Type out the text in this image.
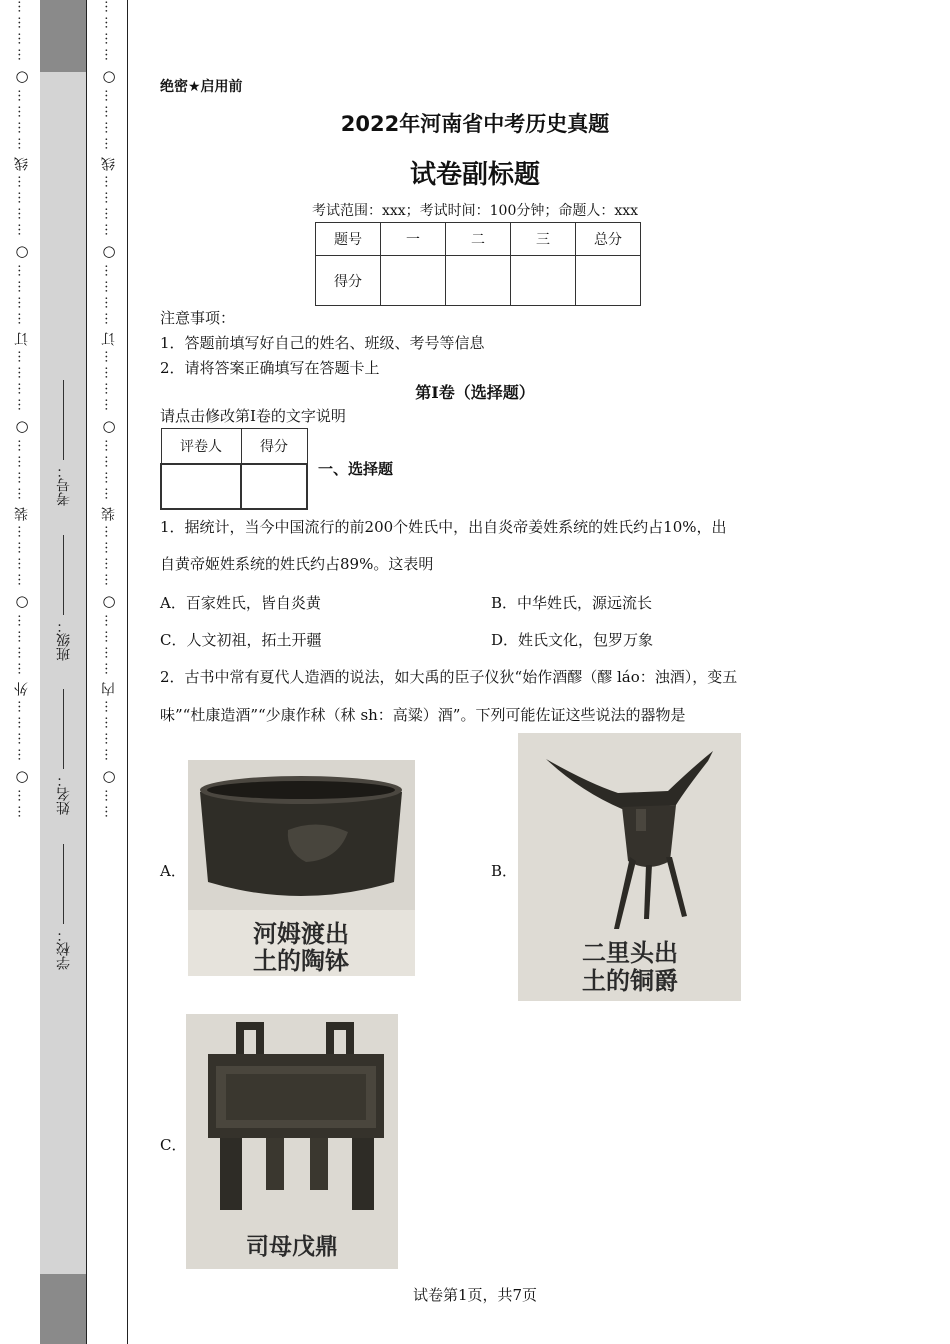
…………
○
…………
线
…………
○
…………
订
…………
○
…………
装
…………
○
…………
外
…………
○
……
学校：
姓名：
班级：
考号：
…………
○
…………
线
…………
○
…………
订
…………
○
…………
装
…………
○
…………
内
…………
○
……
绝密★启用前
2022年河南省中考历史真题
试卷副标题
考试范围：xxx；考试时间：100分钟；命题人：xxx
题号	一	二	三	总分
得分				
注意事项：
1．答题前填写好自己的姓名、班级、考号等信息
2．请将答案正确填写在答题卡上
第I卷（选择题）
请点击修改第I卷的文字说明
评卷人	得分

一、选择题
1．据统计，当今中国流行的前200个姓氏中，出自炎帝姜姓系统的姓氏约占10%，出
自黄帝姬姓系统的姓氏约占89%。这表明
A．百家姓氏，皆自炎黄	B．中华姓氏，源远流长
C．人文初祖，拓土开疆	D．姓氏文化，包罗万象
2．古书中常有夏代人造酒的说法，如大禹的臣子仪狄“始作酒醪（醪 láo：浊酒），变五
味”“杜康造酒”“少康作秫（秫 sh：高粱）酒”。下列可能佐证这些说法的器物是
A．
河姆渡出
土的陶钵
B．
二里头出
土的铜爵
C．
司母戊鼎
试卷第1页，共7页
